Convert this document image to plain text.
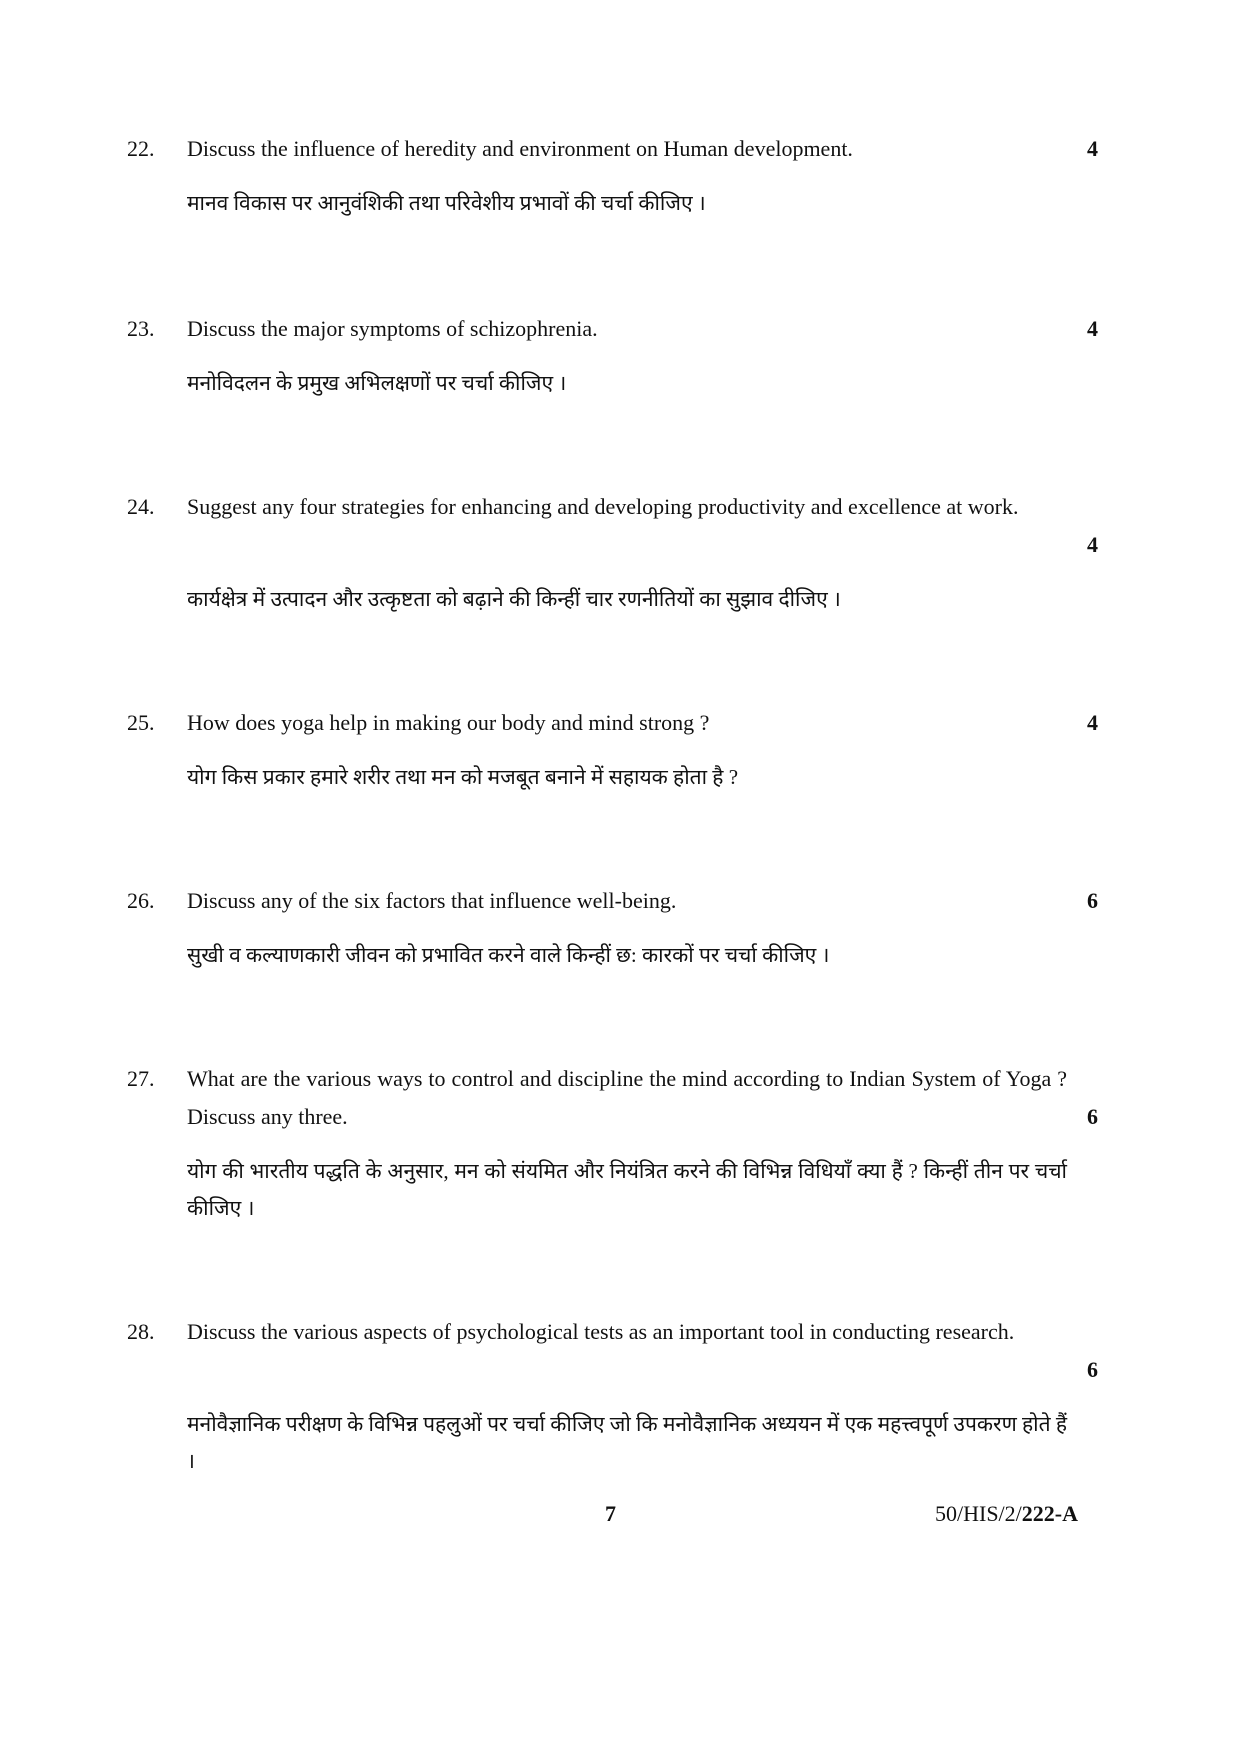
22. Discuss the influence of heredity and environment on Human development.	4
मानव विकास पर आनुवंशिकी तथा परिवेशीय प्रभावों की चर्चा कीजिए ।
23. Discuss the major symptoms of schizophrenia.	4
मनोविदलन के प्रमुख अभिलक्षणों पर चर्चा कीजिए ।
24. Suggest any four strategies for enhancing and developing productivity and excellence at work.
4
कार्यक्षेत्र में उत्पादन और उत्कृष्टता को बढ़ाने की किन्हीं चार रणनीतियों का सुझाव दीजिए ।
25. How does yoga help in making our body and mind strong ?	4
योग किस प्रकार हमारे शरीर तथा मन को मजबूत बनाने में सहायक होता है ?
26. Discuss any of the six factors that influence well-being.	6
सुखी व कल्याणकारी जीवन को प्रभावित करने वाले किन्हीं छ: कारकों पर चर्चा कीजिए ।
27. What are the various ways to control and discipline the mind according to Indian System of Yoga ? Discuss any three.	6
योग की भारतीय पद्धति के अनुसार, मन को संयमित और नियंत्रित करने की विभिन्न विधियाँ क्या हैं ? किन्हीं तीन पर चर्चा कीजिए ।
28. Discuss the various aspects of psychological tests as an important tool in conducting research.
6
मनोवैज्ञानिक परीक्षण के विभिन्न पहलुओं पर चर्चा कीजिए जो कि मनोवैज्ञानिक अध्ययन में एक महत्त्वपूर्ण उपकरण होते हैं ।
7	50/HIS/2/222-A
